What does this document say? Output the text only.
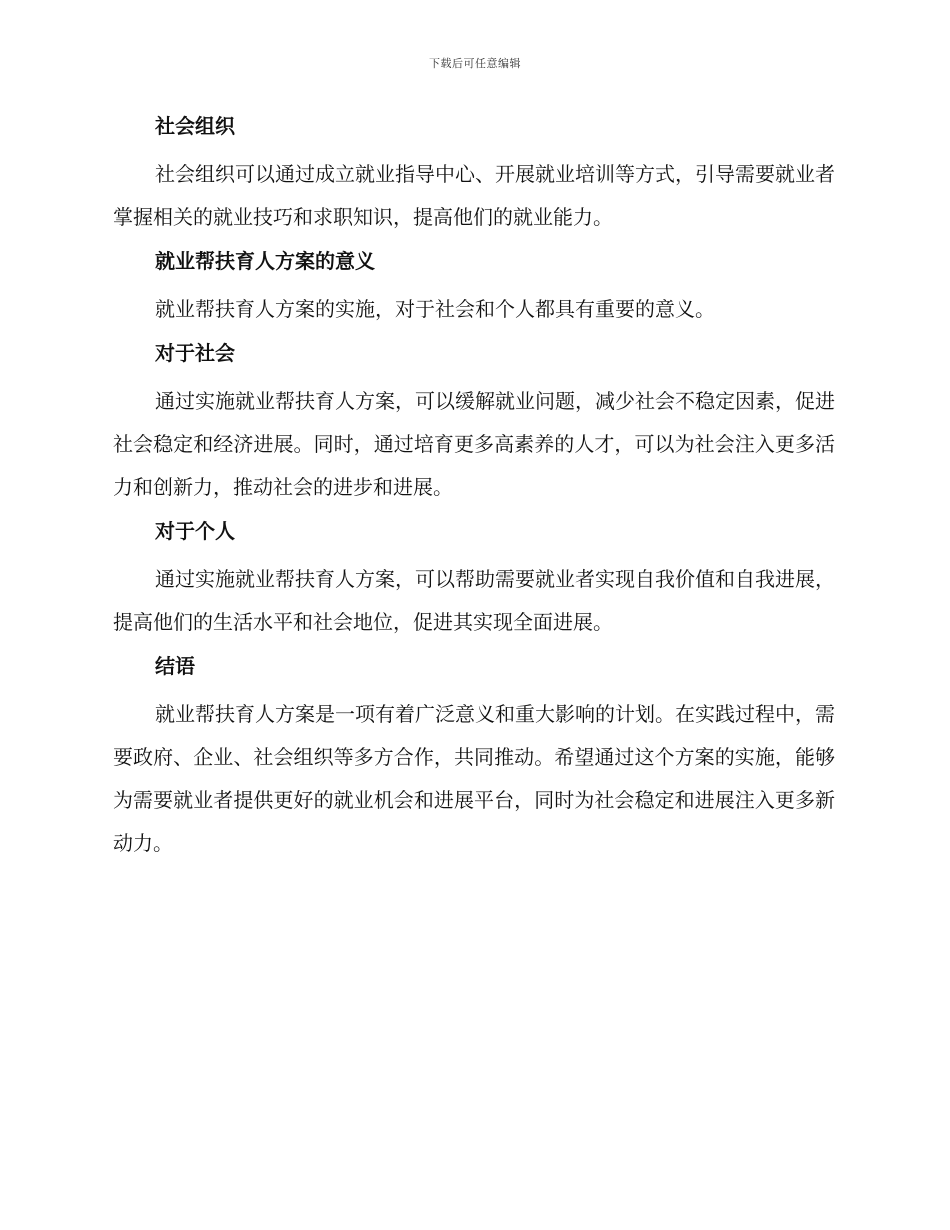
下载后可任意编辑
社会组织

社会组织可以通过成立就业指导中心、开展就业培训等方式，引导需要就业者掌握相关的就业技巧和求职知识，提高他们的就业能力。

就业帮扶育人方案的意义

就业帮扶育人方案的实施，对于社会和个人都具有重要的意义。

对于社会

通过实施就业帮扶育人方案，可以缓解就业问题，减少社会不稳定因素，促进社会稳定和经济进展。同时，通过培育更多高素养的人才，可以为社会注入更多活力和创新力，推动社会的进步和进展。

对于个人

通过实施就业帮扶育人方案，可以帮助需要就业者实现自我价值和自我进展，提高他们的生活水平和社会地位，促进其实现全面进展。

结语

就业帮扶育人方案是一项有着广泛意义和重大影响的计划。在实践过程中，需要政府、企业、社会组织等多方合作，共同推动。希望通过这个方案的实施，能够为需要就业者提供更好的就业机会和进展平台，同时为社会稳定和进展注入更多新动力。
